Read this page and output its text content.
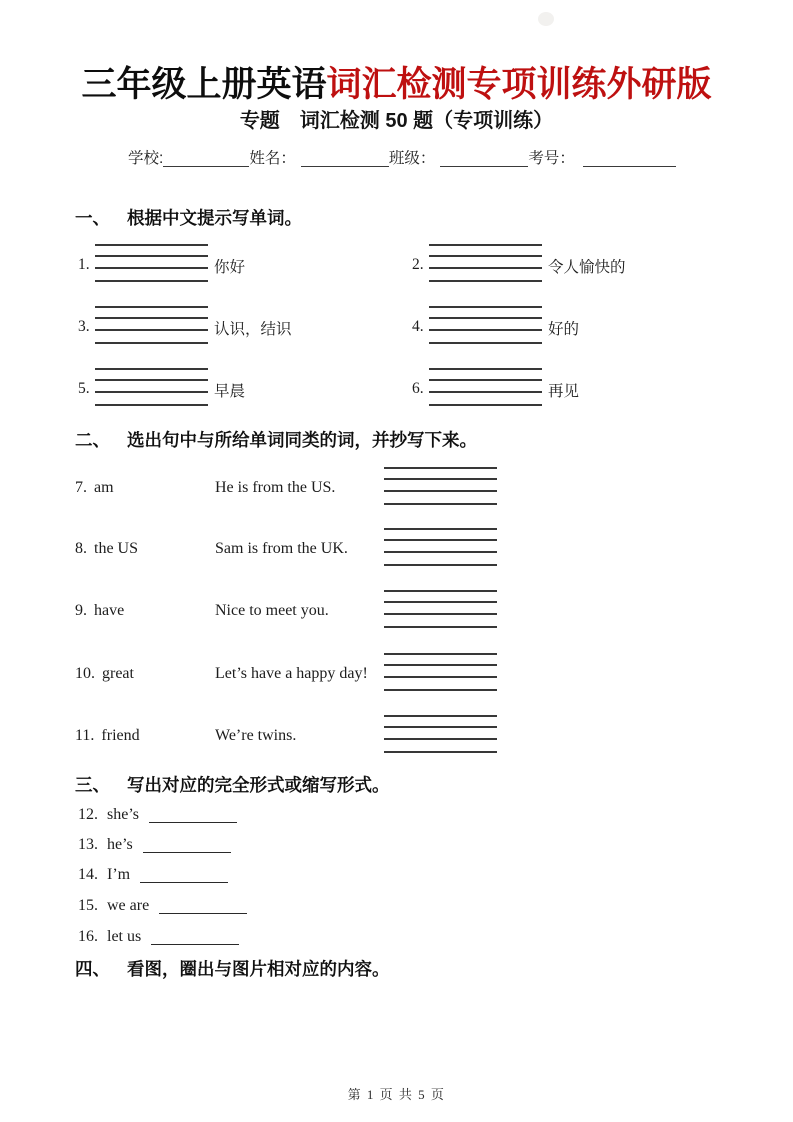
三年级上册英语词汇检测专项训练外研版
专题　词汇检测 50 题（专项训练）
学校:	姓名：	班级：	考号：
一、 根据中文提示写单词。
1.	你好	2.	令人愉快的
3.	认识，结识	4.	好的
5.	早晨	6.	再见
二、 选出句中与所给单词同类的词，并抄写下来。
7. am	He is from the US.
8. the US	Sam is from the UK.
9. have	Nice to meet you.
10. great	Let’s have a happy day!
11. friend	We’re twins.
三、 写出对应的完全形式或缩写形式。
12. she’s
13. he’s
14. I’m
15. we are
16. let us
四、 看图，圈出与图片相对应的内容。
第 1 页 共 5 页
